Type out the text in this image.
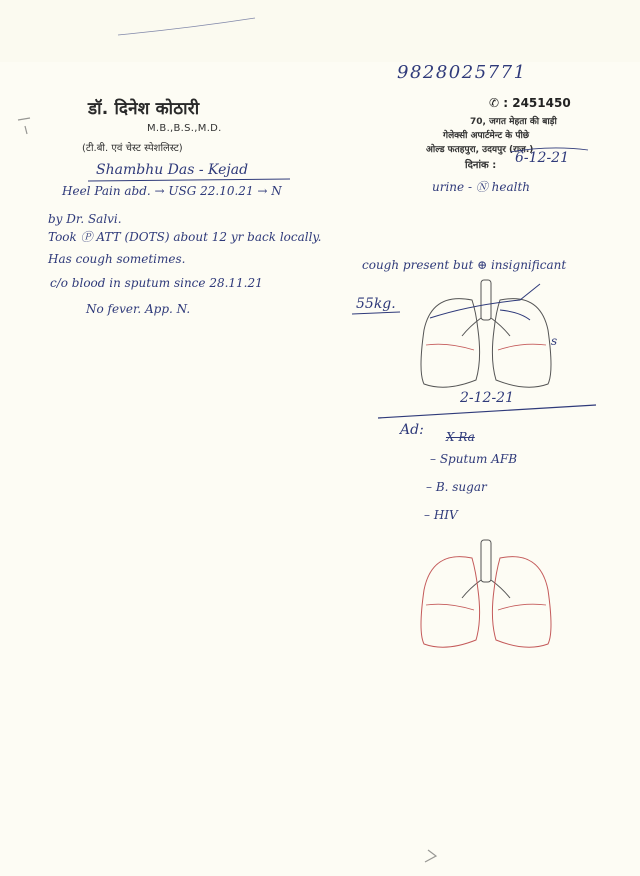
9828025771
डॉ. दिनेश कोठारी
M.B.,B.S.,M.D.
(टी.बी. एवं चेस्ट स्पेशलिस्ट)
✆ : 2451450
70, जगत मेहता की बाड़ी
गेलेक्सी अपार्टमेन्ट के पीछे
ओल्ड फतहपुरा, उदयपुर (राज.)
दिनांक : 6-12-21
Shambhu Das - Kejad
Heel Pain abd. → USG 22.10.21 → N	urine - Ⓝ health
by Dr. Salvi.
Took Ⓟ ATT (DOTS) about 12 yr back locally.
Has cough sometimes.
c/o blood in sputum since 28.11.21
No fever. App. N.
cough present but ⊕ insignificant
55kg.
s
2-12-21
Ad: X Ra
– Sputum AFB
– B. sugar
– HIV
